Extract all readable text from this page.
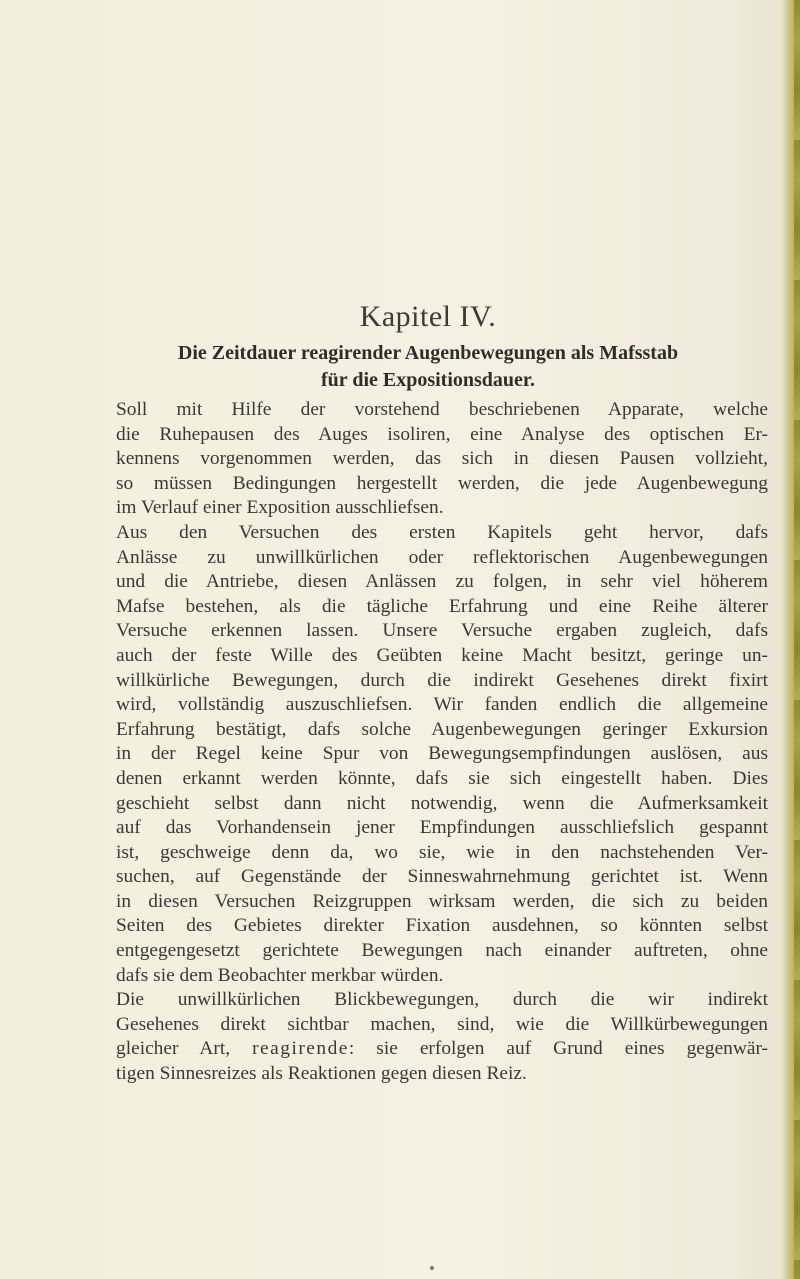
Kapitel IV.
Die Zeitdauer reagirender Augenbewegungen als Mafsstab
für die Expositionsdauer.

Soll mit Hilfe der vorstehend beschriebenen Apparate, welche
die Ruhepausen des Auges isoliren, eine Analyse des optischen Er-
kennens vorgenommen werden, das sich in diesen Pausen vollzieht,
so müssen Bedingungen hergestellt werden, die jede Augenbewegung
im Verlauf einer Exposition ausschliefsen.

Aus den Versuchen des ersten Kapitels geht hervor, dafs
Anlässe zu unwillkürlichen oder reflektorischen Augenbewegungen
und die Antriebe, diesen Anlässen zu folgen, in sehr viel höherem
Mafse bestehen, als die tägliche Erfahrung und eine Reihe älterer
Versuche erkennen lassen. Unsere Versuche ergaben zugleich, dafs
auch der feste Wille des Geübten keine Macht besitzt, geringe un-
willkürliche Bewegungen, durch die indirekt Gesehenes direkt fixirt
wird, vollständig auszuschliefsen. Wir fanden endlich die allgemeine
Erfahrung bestätigt, dafs solche Augenbewegungen geringer Exkursion
in der Regel keine Spur von Bewegungsempfindungen auslösen, aus
denen erkannt werden könnte, dafs sie sich eingestellt haben. Dies
geschieht selbst dann nicht notwendig, wenn die Aufmerksamkeit
auf das Vorhandensein jener Empfindungen ausschliefslich gespannt
ist, geschweige denn da, wo sie, wie in den nachstehenden Ver-
suchen, auf Gegenstände der Sinneswahrnehmung gerichtet ist. Wenn
in diesen Versuchen Reizgruppen wirksam werden, die sich zu beiden
Seiten des Gebietes direkter Fixation ausdehnen, so könnten selbst
entgegengesetzt gerichtete Bewegungen nach einander auftreten, ohne
dafs sie dem Beobachter merkbar würden.

Die unwillkürlichen Blickbewegungen, durch die wir indirekt
Gesehenes direkt sichtbar machen, sind, wie die Willkürbewegungen
gleicher Art, reagirende: sie erfolgen auf Grund eines gegenwär-
tigen Sinnesreizes als Reaktionen gegen diesen Reiz.
